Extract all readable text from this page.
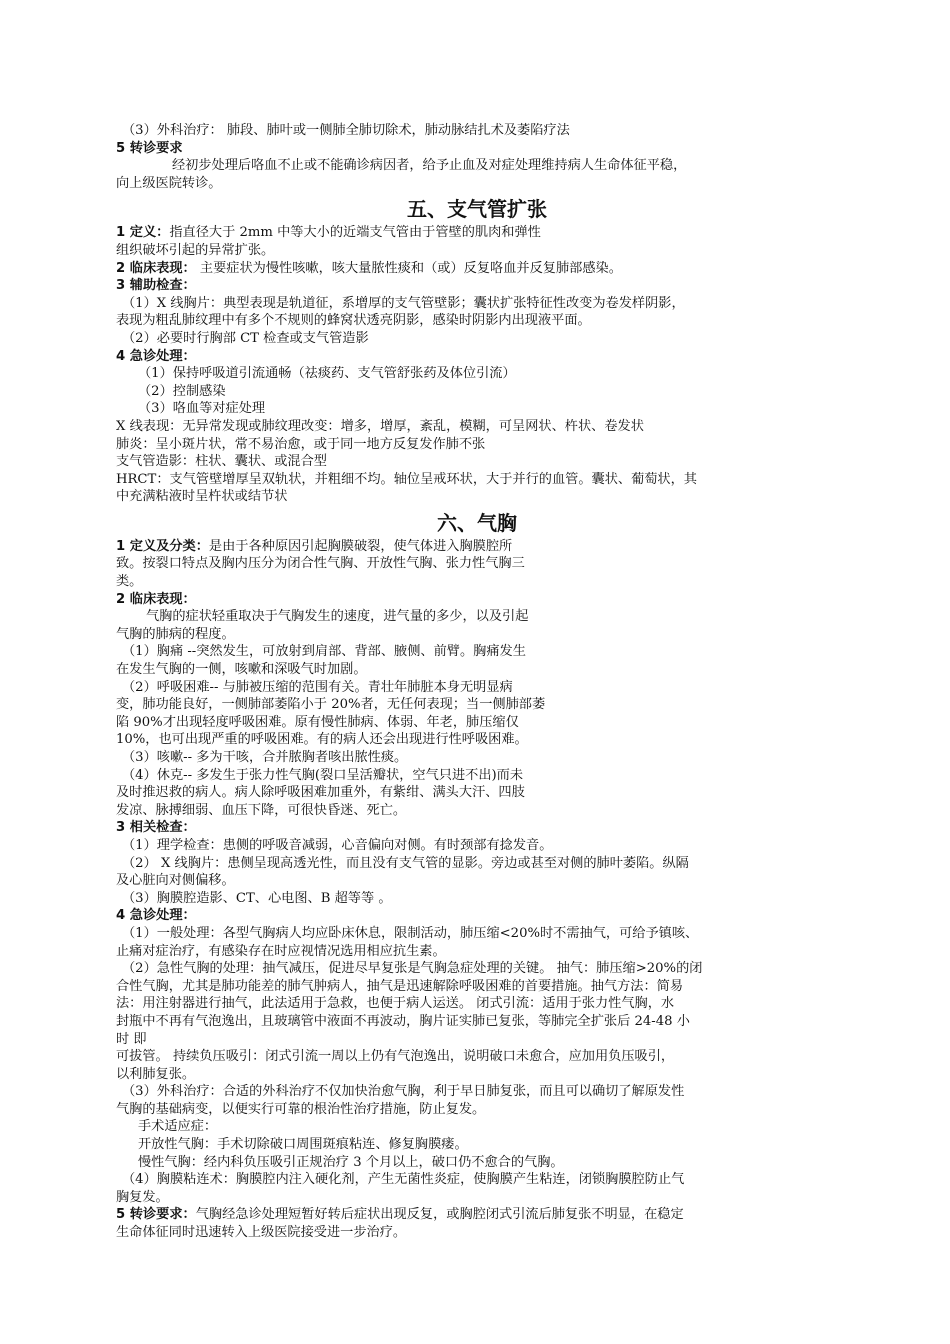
（3）外科治疗： 肺段、肺叶或一侧肺全肺切除术，肺动脉结扎术及萎陷疗法

5 转诊要求

经初步处理后咯血不止或不能确诊病因者，给予止血及对症处理维持病人生命体征平稳，

向上级医院转诊。

五、支气管扩张

1 定义：指直径大于 2mm 中等大小的近端支气管由于管壁的肌肉和弹性

组织破坏引起的异常扩张。

2 临床表现： 主要症状为慢性咳嗽，咳大量脓性痰和（或）反复咯血并反复肺部感染。

3 辅助检查：

（1）X 线胸片：典型表现是轨道征，系增厚的支气管壁影；囊状扩张特征性改变为卷发样阴影，

表现为粗乱肺纹理中有多个不规则的蜂窝状透亮阴影，感染时阴影内出现液平面。

（2）必要时行胸部 CT 检查或支气管造影

4 急诊处理：

（1）保持呼吸道引流通畅（祛痰药、支气管舒张药及体位引流）

（2）控制感染

（3）咯血等对症处理

X 线表现：无异常发现或肺纹理改变：增多，增厚，紊乱，模糊，可呈网状、杵状、卷发状

肺炎：呈小斑片状，常不易治愈，或于同一地方反复发作肺不张

支气管造影：柱状、囊状、或混合型

HRCT：支气管壁增厚呈双轨状，并粗细不均。轴位呈戒环状，大于并行的血管。囊状、葡萄状，其

中充满粘液时呈杵状或结节状

六、气胸

1 定义及分类：是由于各种原因引起胸膜破裂，使气体进入胸膜腔所

致。按裂口特点及胸内压分为闭合性气胸、开放性气胸、张力性气胸三

类。

2 临床表现：

气胸的症状轻重取决于气胸发生的速度，进气量的多少，以及引起

气胸的肺病的程度。

（1）胸痛 --突然发生，可放射到肩部、背部、腋侧、前臂。胸痛发生

在发生气胸的一侧，咳嗽和深吸气时加剧。

（2）呼吸困难-- 与肺被压缩的范围有关。青壮年肺脏本身无明显病

变，肺功能良好，一侧肺部萎陷小于 20%者，无任何表现；当一侧肺部萎

陷 90%才出现轻度呼吸困难。原有慢性肺病、体弱、年老，肺压缩仅

10%，也可出现严重的呼吸困难。有的病人还会出现进行性呼吸困难。

（3）咳嗽-- 多为干咳，合并脓胸者咳出脓性痰。

（4）休克-- 多发生于张力性气胸(裂口呈活瓣状，空气只进不出)而未

及时推迟救的病人。病人除呼吸困难加重外，有紫绀、满头大汗、四肢

发凉、脉搏细弱、血压下降，可很快昏迷、死亡。

3 相关检查：

（1）理学检查：患侧的呼吸音减弱，心音偏向对侧。有时颈部有捻发音。

（2） X 线胸片：患侧呈现高透光性，而且没有支气管的显影。旁边或甚至对侧的肺叶萎陷。纵隔

及心脏向对侧偏移。

（3）胸膜腔造影、CT、心电图、B 超等等 。

4 急诊处理：

（1）一般处理：各型气胸病人均应卧床休息，限制活动，肺压缩<20%时不需抽气，可给予镇咳、

止痛对症治疗，有感染存在时应视情况选用相应抗生素。

（2）急性气胸的处理：抽气减压，促进尽早复张是气胸急症处理的关键。 抽气：肺压缩>20%的闭

合性气胸，尤其是肺功能差的肺气肿病人，抽气是迅速解除呼吸困难的首要措施。抽气方法：简易

法：用注射器进行抽气，此法适用于急救，也便于病人运送。 闭式引流：适用于张力性气胸，水

封瓶中不再有气泡逸出，且玻璃管中液面不再波动，胸片证实肺已复张，等肺完全扩张后 24-48 小

时 即

可拔管。 持续负压吸引：闭式引流一周以上仍有气泡逸出，说明破口未愈合，应加用负压吸引，

以利肺复张。

（3）外科治疗：合适的外科治疗不仅加快治愈气胸，利于早日肺复张，而且可以确切了解原发性

气胸的基础病变，以便实行可靠的根治性治疗措施，防止复发。

手术适应症：

开放性气胸：手术切除破口周围斑痕粘连、修复胸膜瘘。

慢性气胸：经内科负压吸引正规治疗 3 个月以上，破口仍不愈合的气胸。

（4）胸膜粘连术：胸膜腔内注入硬化剂，产生无菌性炎症，使胸膜产生粘连，闭锁胸膜腔防止气

胸复发。

5 转诊要求：气胸经急诊处理短暂好转后症状出现反复，或胸腔闭式引流后肺复张不明显，在稳定

生命体征同时迅速转入上级医院接受进一步治疗。
